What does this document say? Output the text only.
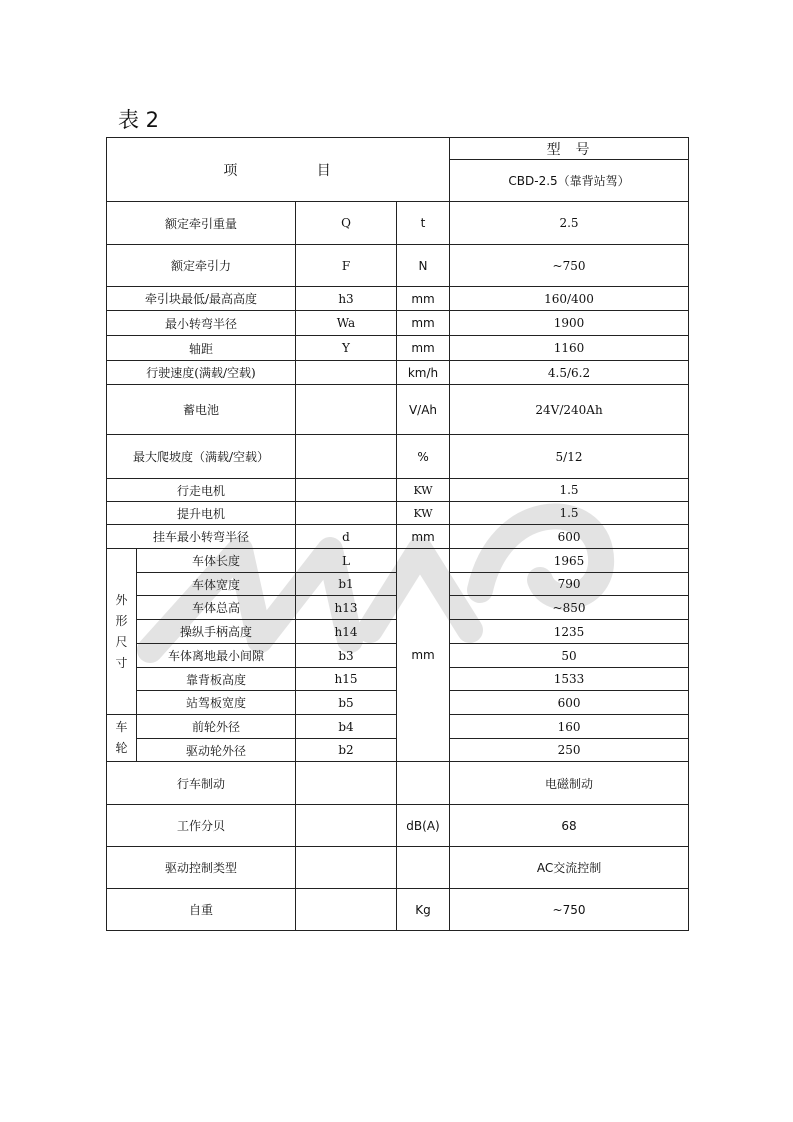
表 2
项            目				型  号
				CBD-2.5（靠背站驾）
额定牵引重量		Q	t	2.5
额定牵引力		F	N	~750
牵引块最低/最高高度		h3	mm	160/400
最小转弯半径		Wa	mm	1900
轴距		Y	mm	1160
行驶速度(满载/空载)			km/h	4.5/6.2
蓄电池			V/Ah	24V/240Ah
最大爬坡度（满载/空载）			%	5/12
行走电机			KW	1.5
提升电机			KW	1.5
挂车最小转弯半径		d	mm	600
外形尺寸	车体长度	L	mm	1965
	车体宽度	b1		790
	车体总高	h13		~850
	操纵手柄高度	h14		1235
	车体离地最小间隙	b3		50
	靠背板高度	h15		1533
	站驾板宽度	b5		600
车轮	前轮外径	b4		160
	驱动轮外径	b2		250
行车制动				电磁制动
工作分贝			dB(A)	68
驱动控制类型				AC交流控制
自重			Kg	~750
